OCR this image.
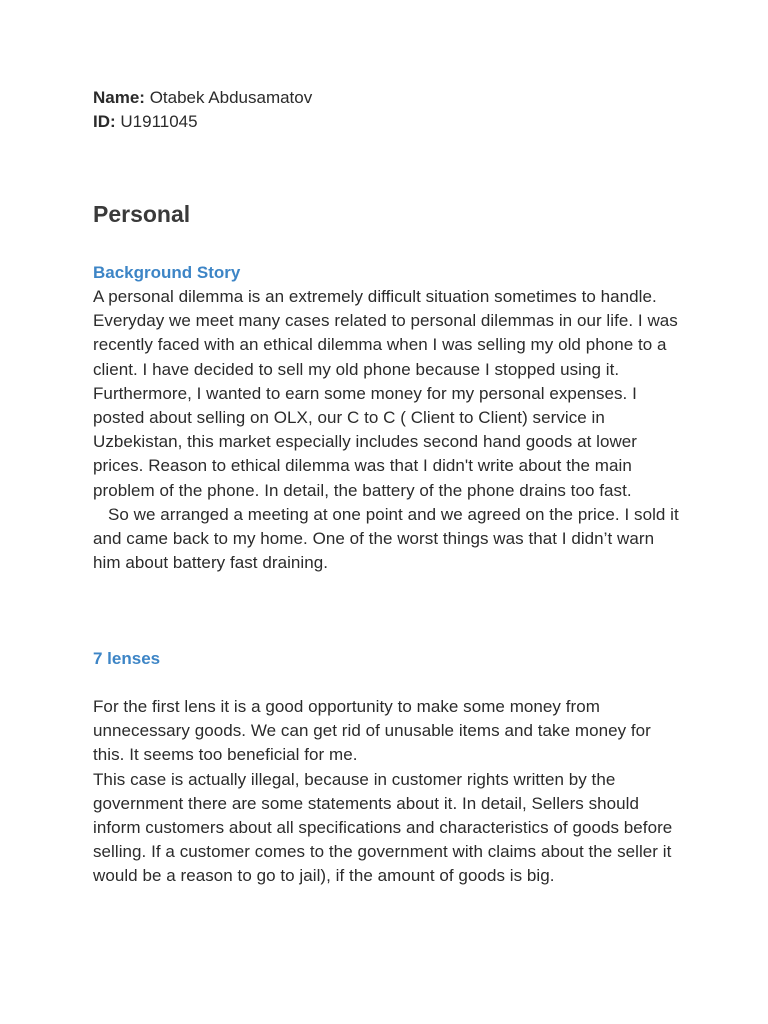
Name: Otabek Abdusamatov

ID: U1911045

Personal
Background Story

A personal dilemma is an extremely difficult situation sometimes to handle. Everyday we meet many cases related to personal dilemmas in our life. I was recently faced with an ethical dilemma when I was selling my old phone to a client. I have decided to sell my old phone because I stopped using it. Furthermore, I wanted to earn some money for my personal expenses. I posted about selling on OLX, our C to C ( Client to Client) service in Uzbekistan, this market especially includes second hand goods at lower prices. Reason to ethical dilemma was that I didn't write about the main problem of the phone. In detail, the battery of the phone drains too fast.

So we arranged a meeting at one point and we agreed on the price. I sold it and came back to my home. One of the worst things was that I didn’t warn him about battery fast draining.

7 lenses

For the first lens it is a good opportunity to make some money from unnecessary goods. We can get rid of unusable items and take money for this. It seems too beneficial for me.

This case is actually illegal, because in customer rights written by the government there are some statements about it. In detail, Sellers should inform customers about all specifications and characteristics of goods before selling. If a customer comes to the government with claims about the seller it would be a reason to go to jail), if the amount of goods is big.
